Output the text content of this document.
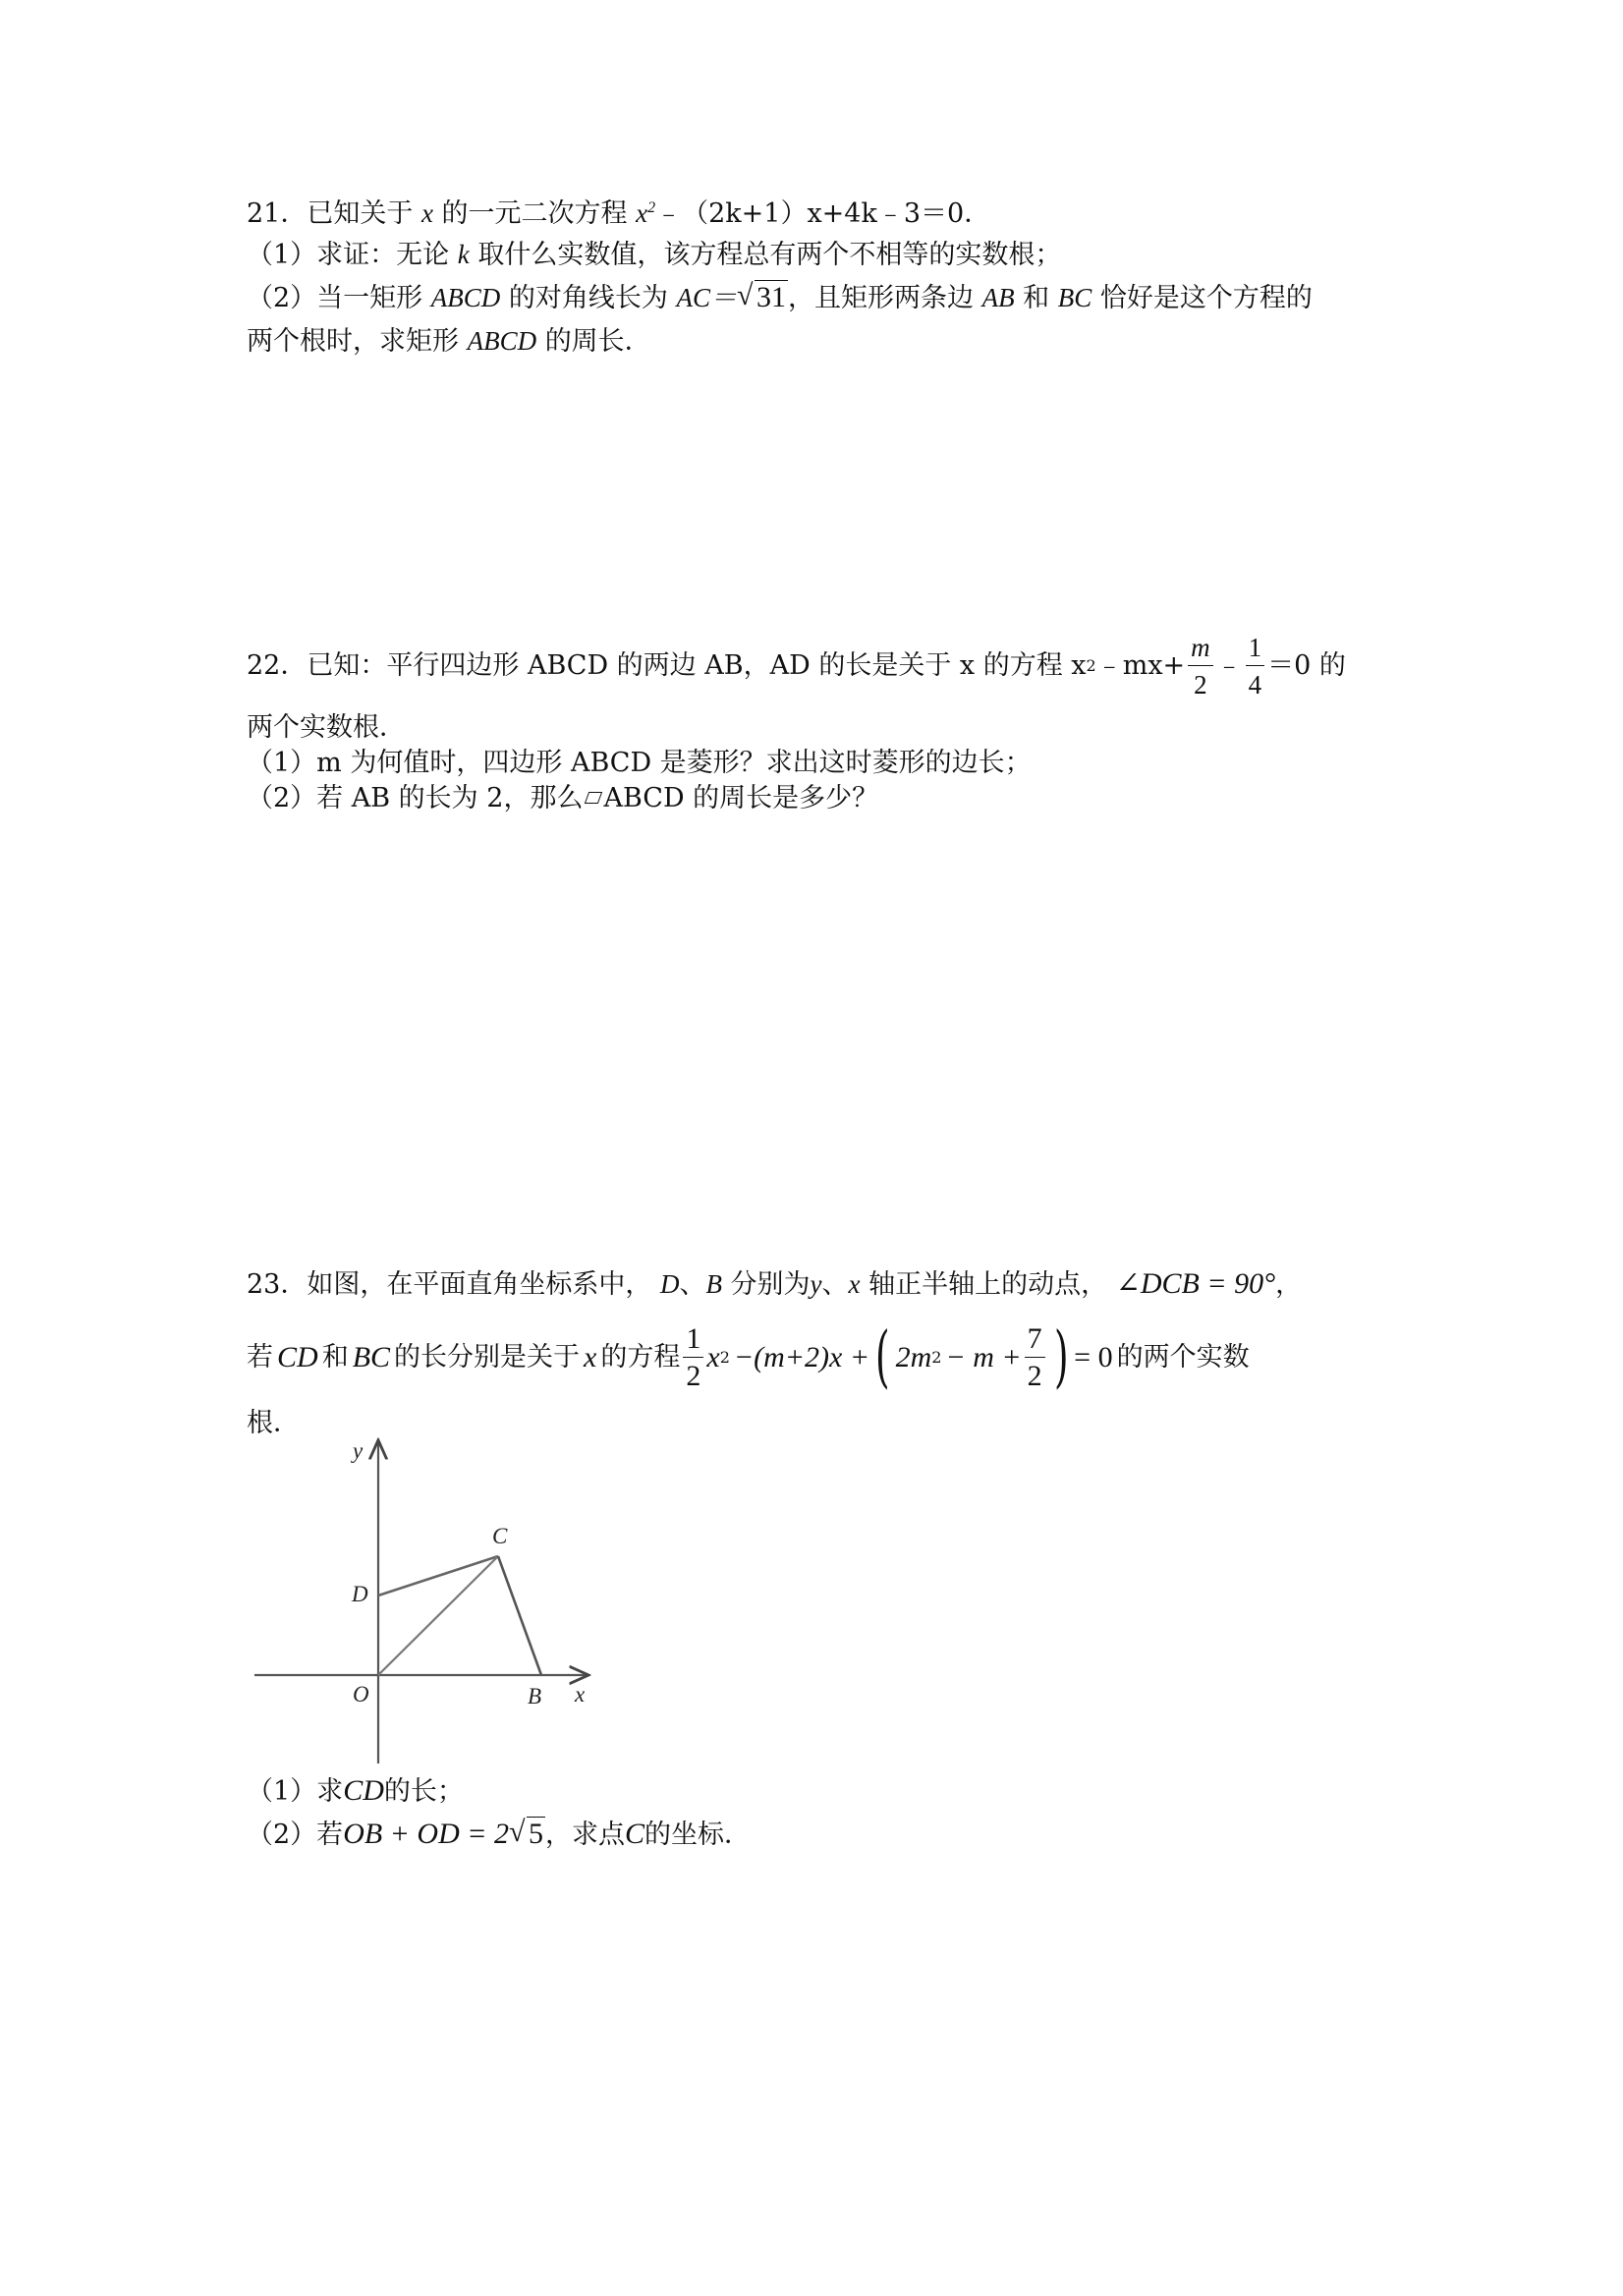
21．已知关于 x 的一元二次方程 $x^2﹣(2k+1)x+4k﹣3=0$．
（1）求证：无论 k 取什么实数值，该方程总有两个不相等的实数根；
（2）当一矩形 ABCD 的对角线长为 AC＝ √ 31，且矩形两条边 AB 和 BC 恰好是这个方程的
两个根时，求矩形 ABCD 的周长．
22． 已知：平行四边形 ABCD 的两边 AB，AD 的长是关于 x 的方程 x 2 ﹣mx+ $\frac{m}{2}$ ﹣ $\frac{1}{4} =0$ 的
两个实数根．
（1）m 为何值时，四边形 ABCD 是菱形？求出这时菱形的边长；
（2）若 AB 的长为 2，那么 ABCD 的周长是多少？
23．如图，在平面直角坐标系中， D、B 分别为y、x 轴正半轴上的动点， ∠DCB = 90°，
若 CD 和 BC 的长分别是关于 x 的方程 $\frac{1}{2}$ x 2 −(m+2)x + ( 2m $2 - m + \frac{7}{2}$ ) = 0 的两个实数
根．
（1）求CD的长；
（2）若OB + OD = 2 √ 5，求点C的坐标．
y
x
O
D
C
B
